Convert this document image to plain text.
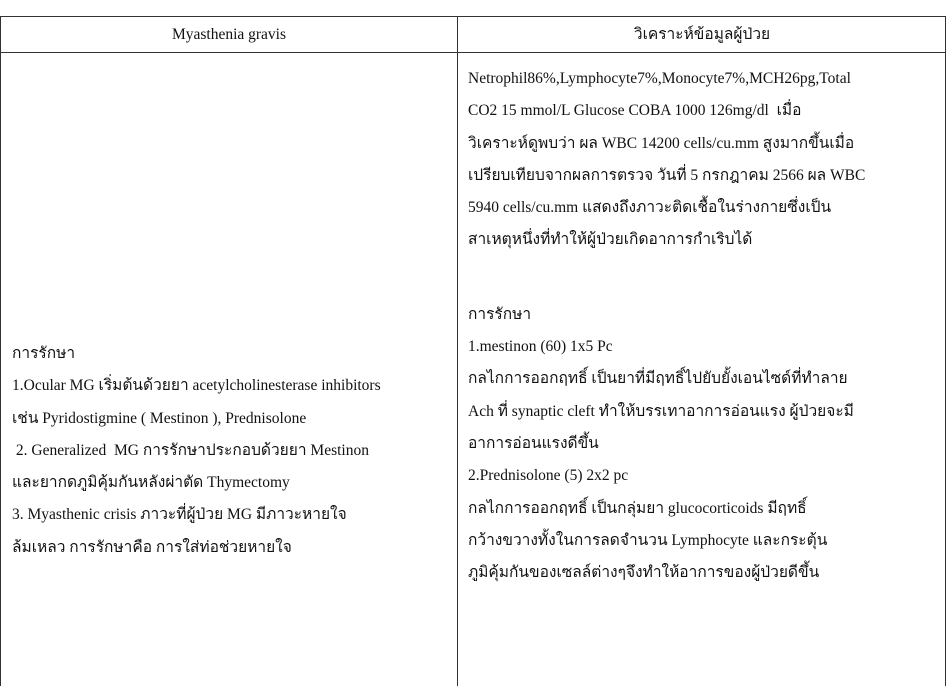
Myasthenia gravis	วิเคราะห์ข้อมูลผู้ป่วย
การรักษา
1.Ocular MG เริ่มต้นด้วยยา acetylcholinesterase inhibitors
เช่น Pyridostigmine ( Mestinon ), Prednisolone
2. Generalized  MG การรักษาประกอบด้วยยา Mestinon
และยากดภูมิคุ้มกันหลังผ่าตัด Thymectomy
3. Myasthenic crisis ภาวะที่ผู้ป่วย MG มีภาวะหายใจ
ล้มเหลว การรักษาคือ การใส่ท่อช่วยหายใจ
Netrophil86%,Lymphocyte7%,Monocyte7%,MCH26pg,Total
CO2 15 mmol/L Glucose COBA 1000 126mg/dl  เมื่อ
วิเคราะห์ดูพบว่า ผล WBC 14200 cells/cu.mm สูงมากขึ้นเมื่อ
เปรียบเทียบจากผลการตรวจ วันที่ 5 กรกฎาคม 2566 ผล WBC
5940 cells/cu.mm แสดงถึงภาวะติดเชื้อในร่างกายซึ่งเป็น
สาเหตุหนึ่งที่ทำให้ผู้ป่วยเกิดอาการกำเริบได้
การรักษา
1.mestinon (60) 1x5 Pc
กลไกการออกฤทธิ์ เป็นยาที่มีฤทธิ์ไปยับยั้งเอนไซด์ที่ทำลาย
Ach ที่ synaptic cleft ทำให้บรรเทาอาการอ่อนแรง ผู้ป่วยจะมี
อาการอ่อนแรงดีขึ้น
2.Prednisolone (5) 2x2 pc
กลไกการออกฤทธิ์ เป็นกลุ่มยา glucocorticoids มีฤทธิ์
กว้างขวางทั้งในการลดจำนวน Lymphocyte และกระตุ้น
ภูมิคุ้มกันของเซลล์ต่างๆจึงทำให้อาการของผู้ป่วยดีขึ้น
